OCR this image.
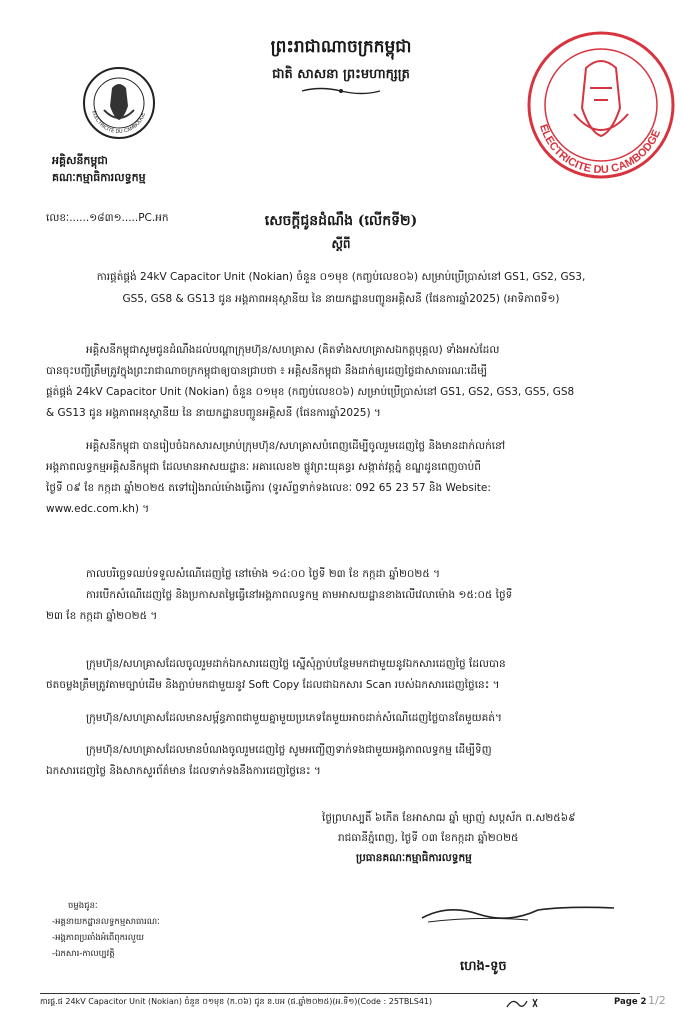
ព្រះរាជាណាចក្រកម្ពុជា
ជាតិ សាសនា ព្រះមហាក្សត្រ
ELECTRICITE DU CAMBODGE
អគ្គិសនីកម្ពុជា
គណៈកម្មាធិការលទ្ធកម្ម
លេខៈ......១៨៣១.....PC.អក
ELECTRICITE DU CAMBODGE
សេចក្តីជូនដំណឹង (លើកទី២)
ស្តីពី
ការផ្គត់ផ្គង់ 24kV Capacitor Unit (Nokian) ចំនួន ០១មុខ (កញ្ចប់លេខ០៦) សម្រាប់ប្រើប្រាស់នៅ GS1, GS2, GS3,
GS5, GS8 & GS13 ជូន អង្គភាពអនុស្ថានីយ នៃ នាយកដ្ឋានបញ្ជូនអគ្គិសនី (ផែនការឆ្នាំ2025) (អាទិភាពទី១)
អគ្គិសនីកម្ពុជាសូមជូនដំណឹងដល់បណ្តាក្រុមហ៊ុន/សហគ្រាស (គិតទាំងសហគ្រាសឯកត្តបុគ្គល) ទាំងអស់ដែល
បានចុះបញ្ជីត្រឹមត្រូវក្នុងព្រះរាជាណាចក្រកម្ពុជាឲ្យបានជ្រាបថា ៖ អគ្គិសនីកម្ពុជា នឹងដាក់ឲ្យដេញថ្លៃជាសាធារណៈដើម្បី
ផ្គត់ផ្គង់ 24kV Capacitor Unit (Nokian) ចំនួន ០១មុខ (កញ្ចប់លេខ០៦) សម្រាប់ប្រើប្រាស់នៅ GS1, GS2, GS3, GS5, GS8
& GS13 ជូន អង្គភាពអនុស្ថានីយ នៃ នាយកដ្ឋានបញ្ជូនអគ្គិសនី (ផែនការឆ្នាំ2025) ។
អគ្គិសនីកម្ពុជា បានរៀបចំឯកសារសម្រាប់ក្រុមហ៊ុន/សហគ្រាសបំពេញដើម្បីចូលរួមដេញថ្លៃ និងមានដាក់លក់នៅ
អង្គភាពលទ្ធកម្មអគ្គិសនីកម្ពុជា ដែលមានអាសយដ្ឋានៈ អគារលេខ២ ផ្លូវព្រះយុគន្ធរ សង្កាត់វត្តភ្នំ ខណ្ឌដូនពេញចាប់ពី
ថ្ងៃទី ០៩ ខែ កក្កដា ឆ្នាំ២០២៥ តទៅរៀងរាល់ម៉ោងធ្វើការ (ទូរស័ព្ទទាក់ទងលេខៈ 092 65 23 57 និង Website:
www.edc.com.kh) ។
កាលបរិច្ឆេទឈប់ទទួលសំណើដេញថ្លៃ នៅម៉ោង ១៤:០០ ថ្ងៃទី ២៣ ខែ កក្កដា ឆ្នាំ២០២៥ ។
ការបើកសំណើដេញថ្លៃ និងប្រកាសតម្លៃធ្វើនៅអង្គភាពលទ្ធកម្ម តាមអាសយដ្ឋានខាងលើវេលាម៉ោង ១៥:០៥ ថ្ងៃទី
២៣ ខែ កក្កដា ឆ្នាំ២០២៥ ។
ក្រុមហ៊ុន/សហគ្រាសដែលចូលរួមដាក់ឯកសារដេញថ្លៃ ស្នើសុំភ្ជាប់បន្ថែមមកជាមួយនូវឯកសារដេញថ្លៃ ដែលបាន
ថតចម្លងត្រឹមត្រូវតាមច្បាប់ដើម និងភ្ជាប់មកជាមួយនូវ Soft Copy ដែលជាឯកសារ Scan របស់ឯកសារដេញថ្លៃនេះ ។
ក្រុមហ៊ុន/សហគ្រាសដែលមានសម្ព័ន្ធភាពជាមួយគ្នាមួយប្រភេទតែមួយអាចដាក់សំណើដេញថ្លៃបានតែមួយគត់។
ក្រុមហ៊ុន/សហគ្រាសដែលមានបំណងចូលរួមដេញថ្លៃ សូមអញ្ជើញទាក់ទងជាមួយអង្គភាពលទ្ធកម្ម ដើម្បីទិញ
ឯកសារដេញថ្លៃ និងសាកសួរព័ត៌មាន ដែលទាក់ទងនឹងការដេញថ្លៃនេះ ។
ថ្ងៃព្រហស្បតិ៍ ៦កើត ខែអាសាឍ ឆ្នាំ ម្សាញ់ សប្តស័ក ព.ស២៥៦៩
រាជធានីភ្នំពេញ, ថ្ងៃទី ០៣ ខែកក្កដា ឆ្នាំ២០២៥
ប្រធានគណៈកម្មាធិការលទ្ធកម្ម
ហេង-ទូច
ចម្លងជូនៈ
-អគ្គនាយកដ្ឋានលទ្ធកម្មសាធារណៈ
-អង្គភាពប្រឆាំងអំពើពុករលួយ
-ឯកសារ-កាលប្បវត្តិ
ការផ្គ.ផ 24kV Capacitor Unit (Nokian) ចំនួន ០១មុខ (ក.០៦) ជូន ន.បអ (ផ.ឆ្នាំ២០២៥)(អ.ទី១)(Code : 25TBLS41)	Page 2 1/2
